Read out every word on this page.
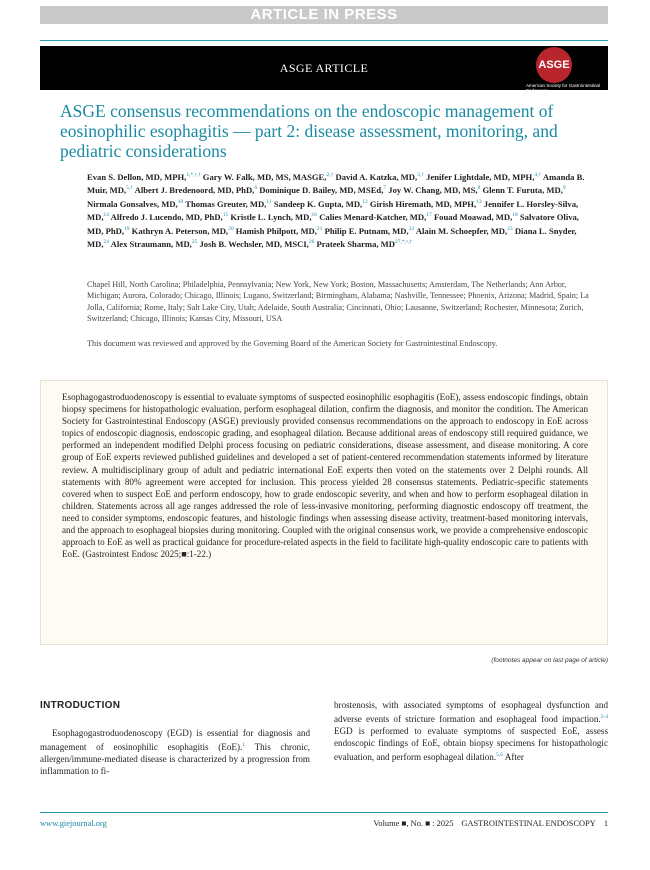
ARTICLE IN PRESS
ASGE ARTICLE	ASGE
American Society for Gastrointestinal Endoscopy
ASGE consensus recommendations on the endoscopic management of eosinophilic esophagitis — part 2: disease assessment, monitoring, and pediatric considerations
Evan S. Dellon, MD, MPH,$^{1,*,•,\dagger}$ Gary W. Falk, MD, MS, MASGE,$^{2,\dagger}$ David A. Katzka, MD,$^{3,\dagger}$ Jenifer Lightdale, MD, MPH,$^{4,\dagger}$ Amanda B. Muir, MD,$^{5,\dagger}$ Albert J. Bredenoord, MD, PhD,$^6$ Dominique D. Bailey, MD, MSEd,$^7$ Joy W. Chang, MD, MS,$^8$ Glenn T. Furuta, MD,$^9$ Nirmala Gonsalves, MD,$^{10}$ Thomas Greuter, MD,$^{11}$ Sandeep K. Gupta, MD,$^{12}$ Girish Hiremath, MD, MPH,$^{13}$ Jennifer L. Horsley-Silva, MD,$^{14}$ Alfredo J. Lucendo, MD, PhD,$^{15}$ Kristle L. Lynch, MD,$^{16}$ Calies Menard-Katcher, MD,$^{17}$ Fouad Moawad, MD,$^{18}$ Salvatore Oliva, MD, PhD,$^{19}$ Kathryn A. Peterson, MD,$^{20}$ Hamish Philpott, MD,$^{21}$ Philip E. Putnam, MD,$^{22}$ Alain M. Schoepfer, MD,$^{23}$ Diana L. Snyder, MD,$^{24}$ Alex Straumann, MD,$^{25}$ Josh B. Wechsler, MD, MSCI,$^{26}$ Prateek Sharma, $MD^{27,*,•,\dagger}$
Chapel Hill, North Carolina; Philadelphia, Pennsylvania; New York, New York; Boston, Massachusetts; Amsterdam, The Netherlands; Ann Arbor, Michigan; Aurora, Colorado; Chicago, Illinois; Lugano, Switzerland; Birmingham, Alabama; Nashville, Tennessee; Phoenix, Arizona; Madrid, Spain; La Jolla, California; Rome, Italy; Salt Lake City, Utah; Adelaide, South Australia; Cincinnati, Ohio; Lausanne, Switzerland; Rochester, Minnesota; Zurich, Switzerland; Chicago, Illinois; Kansas City, Missouri, USA
This document was reviewed and approved by the Governing Board of the American Society for Gastrointestinal Endoscopy.
Esophagogastroduodenoscopy is essential to evaluate symptoms of suspected eosinophilic esophagitis (EoE), assess endoscopic findings, obtain biopsy specimens for histopathologic evaluation, perform esophageal dilation, confirm the diagnosis, and monitor the condition. The American Society for Gastrointestinal Endoscopy (ASGE) previously provided consensus recommendations on the approach to endoscopy in EoE across topics of endoscopic diagnosis, endoscopic grading, and esophageal dilation. Because additional areas of endoscopy still required guidance, we performed an independent modified Delphi process focusing on pediatric considerations, disease assessment, and disease monitoring. A core group of EoE experts reviewed published guidelines and developed a set of patient-centered recommendation statements informed by literature review. A multidisciplinary group of adult and pediatric international EoE experts then voted on the statements over 2 Delphi rounds. All statements with 80% agreement were accepted for inclusion. This process yielded 28 consensus statements. Pediatric-specific statements covered when to suspect EoE and perform endoscopy, how to grade endoscopic severity, and when and how to perform esophageal dilation in children. Statements across all age ranges addressed the role of less-invasive monitoring, performing diagnostic endoscopy off treatment, the need to consider symptoms, endoscopic features, and histologic findings when assessing disease activity, treatment-based monitoring intervals, and the approach to esophageal biopsies during monitoring. Coupled with the original consensus work, we provide a comprehensive endoscopic approach to EoE as well as practical guidance for procedure-related aspects in the field to facilitate high-quality endoscopic care to patients with EoE. (Gastrointest Endosc 2025;■:1-22.)
(footnotes appear on last page of article)
INTRODUCTION
Esophagogastroduodenoscopy (EGD) is essential for diagnosis and management of eosinophilic esophagitis (EoE).$^1$ This chronic, allergen/immune-mediated disease is characterized by a progression from inflammation to fi-
brostenosis, with associated symptoms of esophageal dysfunction and adverse events of stricture formation and esophageal food impaction.$^{2-4}$ EGD is performed to evaluate symptoms of suspected EoE, assess endoscopic findings of EoE, obtain biopsy specimens for histopathologic evaluation, and perform esophageal dilation.$^{5,6}$ After
www.giejournal.org	Volume ■, No. ■ : 2025 GASTROINTESTINAL ENDOSCOPY 1
